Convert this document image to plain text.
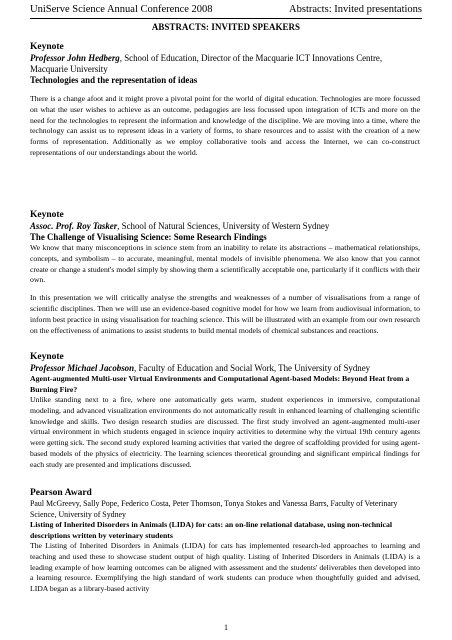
UniServe Science Annual Conference 2008	Abstracts: Invited presentations
ABSTRACTS: INVITED SPEAKERS

Keynote

Professor John Hedberg, School of Education, Director of the Macquarie ICT Innovations Centre, Macquarie University

Technologies and the representation of ideas

There is a change afoot and it might prove a pivotal point for the world of digital education. Technologies are more focussed on what the user wishes to achieve as an outcome, pedagogies are less focussed upon integration of ICTs and more on the need for the technologies to represent the information and knowledge of the discipline. We are moving into a time, where the technology can assist us to represent ideas in a variety of forms, to share resources and to assist with the creation of a new forms of representation. Additionally as we employ collaborative tools and access the Internet, we can co-construct representations of our understandings about the world.

Keynote

Assoc. Prof. Roy Tasker, School of Natural Sciences, University of Western Sydney

The Challenge of Visualising Science: Some Research Findings

We know that many misconceptions in science stem from an inability to relate its abstractions – mathematical relationships, concepts, and symbolism – to accurate, meaningful, mental models of invisible phenomena. We also know that you cannot create or change a student's model simply by showing them a scientifically acceptable one, particularly if it conflicts with their own.

In this presentation we will critically analyse the strengths and weaknesses of a number of visualisations from a range of scientific disciplines. Then we will use an evidence-based cognitive model for how we learn from audiovisual information, to inform best practice in using visualisation for teaching science. This will be illustrated with an example from our own research on the effectiveness of animations to assist students to build mental models of chemical substances and reactions.

Keynote

Professor Michael Jacobson, Faculty of Education and Social Work, The University of Sydney

Agent-augmented Multi-user Virtual Environments and Computational Agent-based Models: Beyond Heat from a Burning Fire?

Unlike standing next to a fire, where one automatically gets warm, student experiences in immersive, computational modeling, and advanced visualization environments do not automatically result in enhanced learning of challenging scientific knowledge and skills. Two design research studies are discussed. The first study involved an agent-augmented multi-user virtual environment in which students engaged in science inquiry activities to determine why the virtual 19th century agents were getting sick. The second study explored learning activities that varied the degree of scaffolding provided for using agent-based models of the physics of electricity. The learning sciences theoretical grounding and significant empirical findings for each study are presented and implications discussed.

Pearson Award

Paul McGreevy, Sally Pope, Federico Costa, Peter Thomson, Tonya Stokes and Vanessa Barrs, Faculty of Veterinary Science, University of Sydney

Listing of Inherited Disorders in Animals (LIDA) for cats: an on-line relational database, using non-technical descriptions written by veterinary students

The Listing of Inherited Disorders in Animals (LIDA) for cats has implemented research-led approaches to learning and teaching and used these to showcase student output of high quality. Listing of Inherited Disorders in Animals (LIDA) is a leading example of how learning outcomes can be aligned with assessment and the students' deliverables then developed into a learning resource. Exemplifying the high standard of work students can produce when thoughtfully guided and advised, LIDA began as a library-based activity

1
